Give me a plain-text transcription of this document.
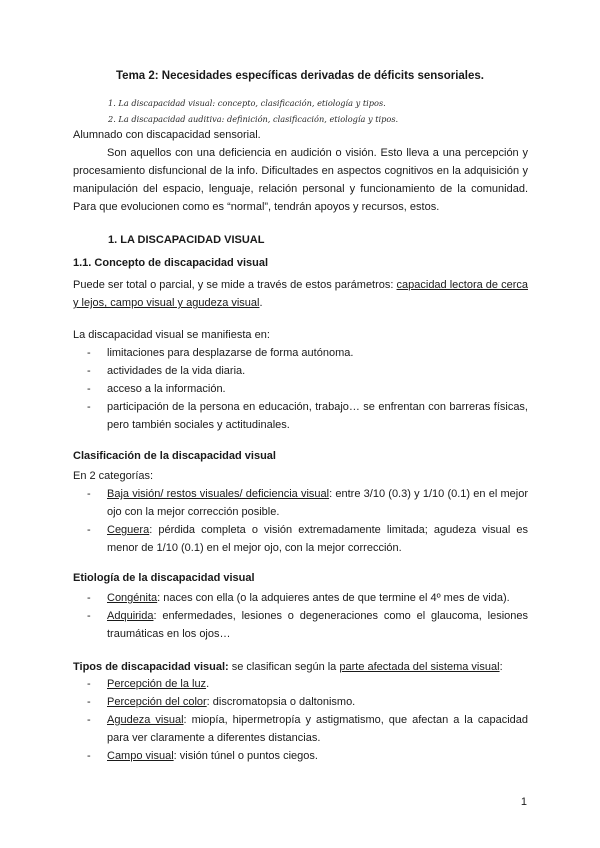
Tema 2: Necesidades específicas derivadas de déficits sensoriales.
1. La discapacidad visual: concepto, clasificación, etiología y tipos.
2. La discapacidad auditiva: definición, clasificación, etiología y tipos.
Alumnado con discapacidad sensorial.
Son aquellos con una deficiencia en audición o visión. Esto lleva a una percepción y procesamiento disfuncional de la info. Dificultades en aspectos cognitivos en la adquisición y manipulación del espacio, lenguaje, relación personal y funcionamiento de la comunidad. Para que evolucionen como es “normal”, tendrán apoyos y recursos, estos.
1. LA DISCAPACIDAD VISUAL
1.1. Concepto de discapacidad visual
Puede ser total o parcial, y se mide a través de estos parámetros: capacidad lectora de cerca y lejos, campo visual y agudeza visual.
La discapacidad visual se manifiesta en:
- limitaciones para desplazarse de forma autónoma.
- actividades de la vida diaria.
- acceso a la información.
- participación de la persona en educación, trabajo… se enfrentan con barreras físicas, pero también sociales y actitudinales.
Clasificación de la discapacidad visual
En 2 categorías:
- Baja visión/ restos visuales/ deficiencia visual: entre 3/10 (0.3) y 1/10 (0.1) en el mejor ojo con la mejor corrección posible.
- Ceguera: pérdida completa o visión extremadamente limitada; agudeza visual es menor de 1/10 (0.1) en el mejor ojo, con la mejor corrección.
Etiología de la discapacidad visual
- Congénita: naces con ella (o la adquieres antes de que termine el 4º mes de vida).
- Adquirida: enfermedades, lesiones o degeneraciones como el glaucoma, lesiones traumáticas en los ojos…
Tipos de discapacidad visual: se clasifican según la parte afectada del sistema visual:
- Percepción de la luz.
- Percepción del color: discromatopsia o daltonismo.
- Agudeza visual: miopía, hipermetropía y astigmatismo, que afectan a la capacidad para ver claramente a diferentes distancias.
- Campo visual: visión túnel o puntos ciegos.
1
